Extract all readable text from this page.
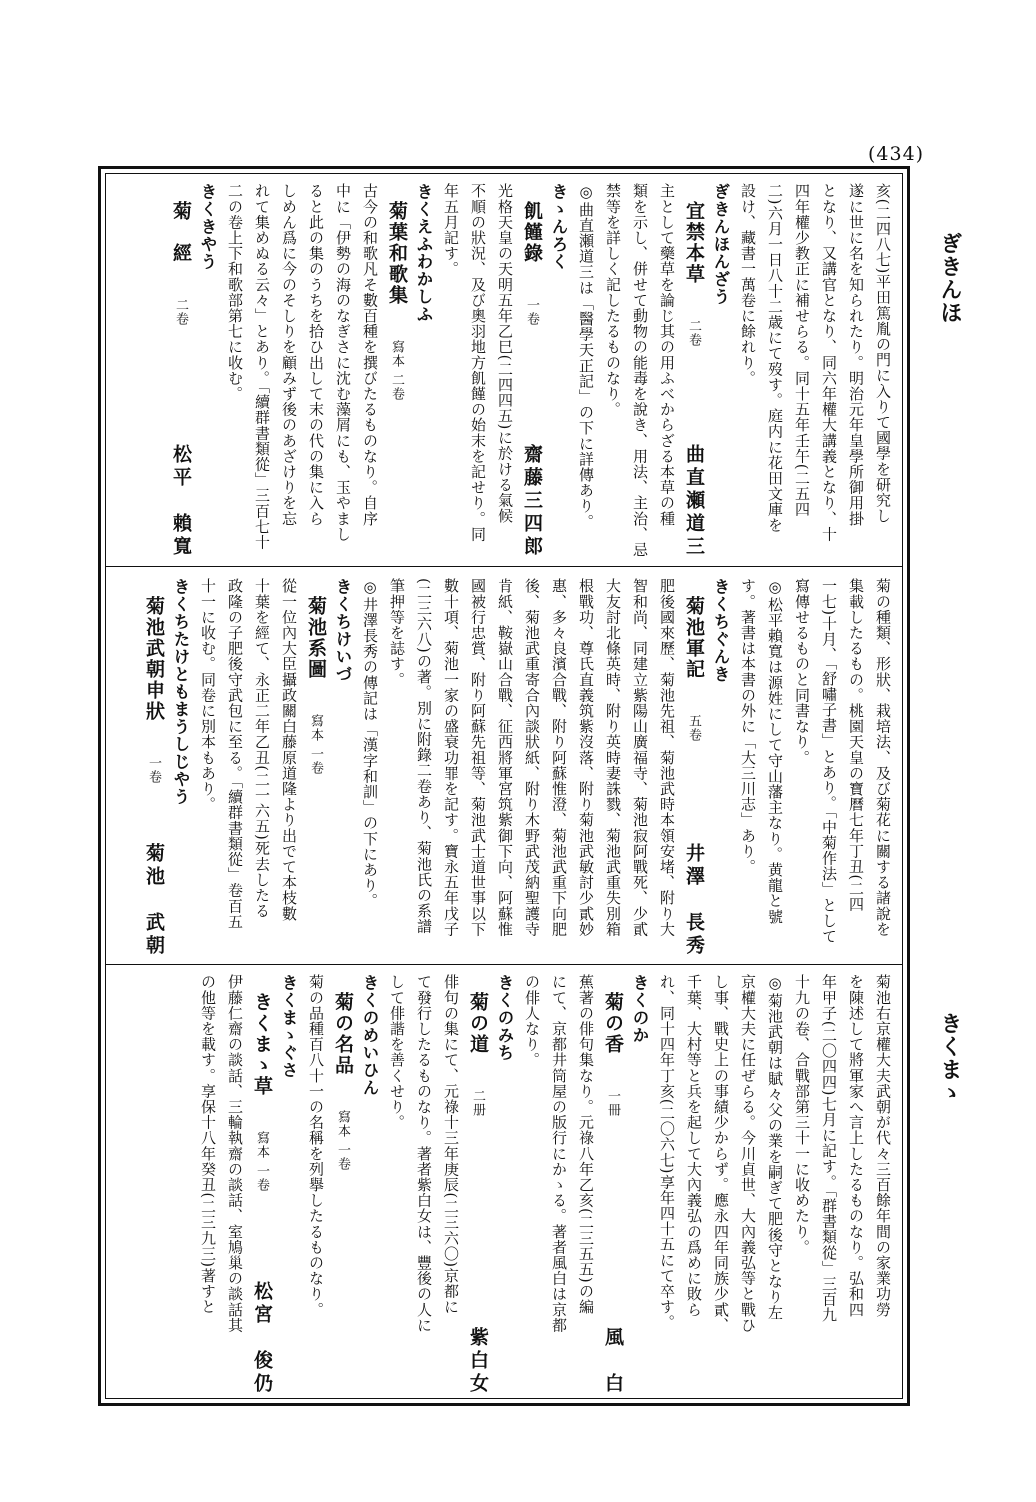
(434)
ぎきんほ
きくまゝ
亥(二四八七)平田篤胤の門に入りて國學を研究し
遂に世に名を知られたり。明治元年皇學所御用掛
となり、又講官となり、同六年權大講義となり、十
四年權少教正に補せらる。同十五年壬午(二五四
二)六月一日八十二歳にて歿す。庭内に花田文庫を
設け、藏書一萬卷に餘れり。
ぎきんほんざう
宜禁本草
二卷
曲直瀬道三
主として藥草を論じ其の用ふべからざる本草の種
類を示し、併せて動物の能毒を說き、用法、主治、忌
禁等を詳しく記したるものなり。
◎曲直瀬道三は「醫學天正記」の下に詳傳あり。
きゝんろく
飢饉錄
一卷
齋藤三四郎
光格天皇の天明五年乙巳(二四四五)に於ける氣候
不順の狀況、及び奧羽地方飢饉の始末を記せり。同
年五月記す。
きくえふわかしふ
菊葉和歌集
寫本 二卷
古今の和歌凡そ數百種を撰びたるものなり。自序
中に「伊勢の海のなぎさに沈む藻屑にも、玉やまし
ると此の集のうちを拾ひ出して末の代の集に入ら
しめん爲に今のそしりを顧みず後のあざけりを忘
れて集めぬる云々」とあり。「續群書類從」三百七十
二の卷上下和歌部第七に收む。
きくきやう
菊　經
二卷
松平　賴寬
菊の種類、形狀、栽培法、及び菊花に關する諸說を
集載したるもの。桃園天皇の寶曆七年丁丑(二四
一七)十月、「舒嘯子書」とあり。「中菊作法」として
寫傳せるものと同書なり。
◎松平賴寬は源姓にして守山藩主なり。黄龍と號
す。著書は本書の外に「大三川志」あり。
きくちぐんき
菊池軍記
五卷
井澤　長秀
肥後國來歷、菊池先祖、菊池武時本領安堵、附り大
智和尚、同建立紫陽山廣福寺、菊池寂阿戰死、少貳
大友討北條英時、附り英時妻誅戮、菊池武重失別箱
根戰功、尊氏直義筑紫沒落、附り菊池武敏討少貳妙
惠、多々良濱合戰、附り阿蘇惟澄、菊池武重下向肥
後、菊池武重寄合內談狀紙、附り木野武茂納聖護寺
肯紙、鞍嶽山合戰、征西將軍宮筑紫御下向、阿蘇惟
國被行忠賞、附り阿蘇先祖等、菊池武士道世事以下
數十項、菊池一家の盛衰功罪を記す。寶永五年戊子
(二三六八)の著。別に附錄二卷あり、菊池氏の系譜
筆押等を誌す。
◎井澤長秀の傳記は「漢字和訓」の下にあり。
きくちけいづ
菊池系圖
寫本 一卷
從一位內大臣攝政關白藤原道隆より出でて本枝數
十葉を經て、永正二年乙丑(二一六五)死去したる
政隆の子肥後守武包に至る。「續群書類從」卷百五
十一に收む。同卷に別本もあり。
きくちたけともまうしじやう
菊池武朝申狀
一卷
菊池　武朝
菊池右京權大夫武朝が代々三百餘年間の家業功勞
を陳述して將軍家へ言上したるものなり。弘和四
年甲子(二〇四四)七月に記す。「群書類從」三百九
十九の卷、合戰部第三十一に收めたり。
◎菊池武朝は賦々父の業を嗣ぎて肥後守となり左
京權大夫に任ぜらる。今川貞世、大內義弘等と戰ひ
し事、戰史上の事績少からず。應永四年同族少貳、
千葉、大村等と兵を起して大內義弘の爲めに敗ら
れ、同十四年丁亥(二〇六七)享年四十五にて卒す。
きくのか
菊の香
一冊
風　白
蕉著の俳句集なり。元祿八年乙亥(二三五五)の編
にて、京都井筒屋の版行にかゝる。著者風白は京都
の俳人なり。
きくのみち
菊の道
二册
紫白女
俳句の集にて、元祿十三年庚辰(二三六〇)京都に
て發行したるものなり。著者紫白女は、豐後の人に
して俳諧を善くせり。
きくのめいひん
菊の名品
寫本 一卷
菊の品種百八十一の名稱を列擧したるものなり。
きくまゝぐさ
きくまゝ草
寫本 一卷
松宮　俊仍
伊藤仁齋の談話、三輪執齋の談話、室鳩巢の談話其
の他等を載す。享保十八年癸丑(二三九三)著すと
